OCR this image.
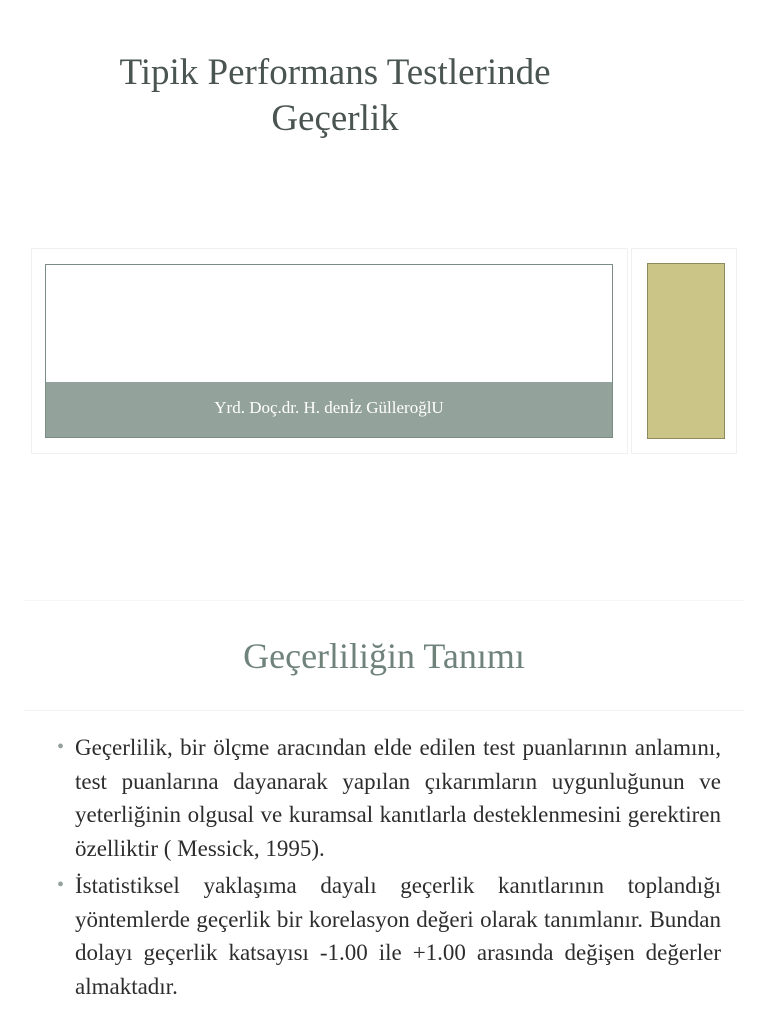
Tipik Performans Testlerinde
Geçerlik
Yrd. Doç.dr. H. denİz GülleroğlU
Geçerliliğin Tanımı
• Geçerlilik, bir ölçme aracından elde edilen test puanlarının anlamını, test puanlarına dayanarak yapılan çıkarımların uygunluğunun ve yeterliğinin olgusal ve kuramsal kanıtlarla desteklenmesini gerektiren özelliktir ( Messick, 1995).
• İstatistiksel yaklaşıma dayalı geçerlik kanıtlarının toplandığı yöntemlerde geçerlik bir korelasyon değeri olarak tanımlanır. Bundan dolayı geçerlik katsayısı -1.00 ile +1.00 arasında değişen değerler almaktadır.
